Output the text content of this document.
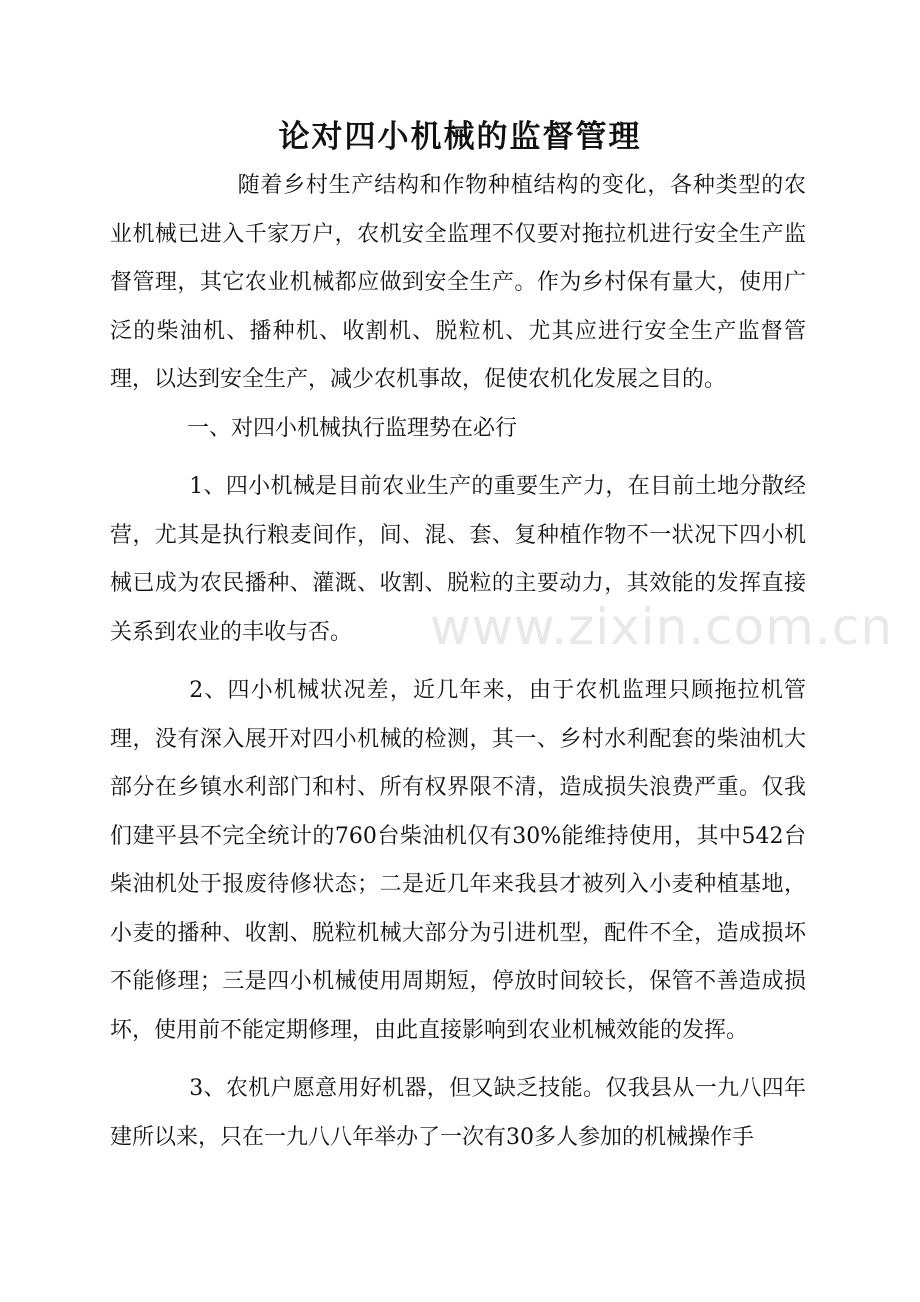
论对四小机械的监督管理

随着乡村生产结构和作物种植结构的变化，各种类型的农业机械已进入千家万户，农机安全监理不仅要对拖拉机进行安全生产监督管理，其它农业机械都应做到安全生产。作为乡村保有量大，使用广泛的柴油机、播种机、收割机、脱粒机、尤其应进行安全生产监督管理，以达到安全生产，减少农机事故，促使农机化发展之目的。

一、对四小机械执行监理势在必行

1、四小机械是目前农业生产的重要生产力，在目前土地分散经营，尤其是执行粮麦间作，间、混、套、复种植作物不一状况下四小机械已成为农民播种、灌溉、收割、脱粒的主要动力，其效能的发挥直接关系到农业的丰收与否。

2、四小机械状况差，近几年来，由于农机监理只顾拖拉机管理，没有深入展开对四小机械的检测，其一、乡村水利配套的柴油机大部分在乡镇水利部门和村、所有权界限不清，造成损失浪费严重。仅我们建平县不完全统计的760台柴油机仅有30%能维持使用，其中542台柴油机处于报废待修状态；二是近几年来我县才被列入小麦种植基地，小麦的播种、收割、脱粒机械大部分为引进机型，配件不全，造成损坏不能修理；三是四小机械使用周期短，停放时间较长，保管不善造成损坏，使用前不能定期修理，由此直接影响到农业机械效能的发挥。

3、农机户愿意用好机器，但又缺乏技能。仅我县从一九八四年建所以来，只在一九八八年举办了一次有30多人参加的机械操作手

www.zixin.com.cn
